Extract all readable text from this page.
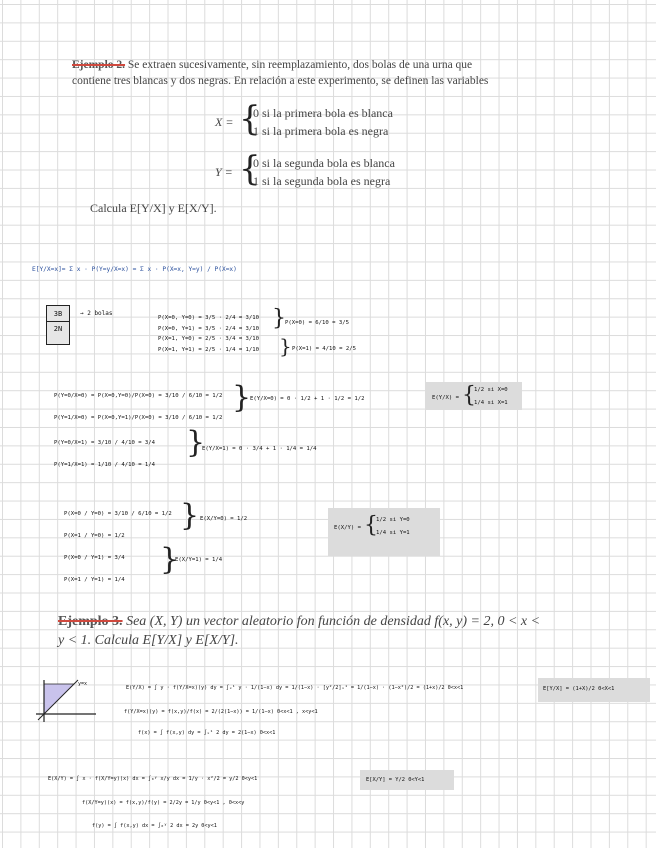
Ejemplo 2. Se extraen sucesivamente, sin reemplazamiento, dos bolas de una urna que
contiene tres blancas y dos negras. En relación a este experimento, se definen las variables
X = {
0 si la primera bola es blanca
1 si la primera bola es negra
Y = {
0 si la segunda bola es blanca
1 si la segunda bola es negra
Calcula E[Y/X] y E[X/Y].
E[Y/X=x]= Σ x · P(Y=y/X=x) = Σ x · P(X=x, Y=y) / P(X=x)
3B
2N
→ 2 bolas
P(X=0, Y=0) = 3/5 · 2/4 = 3/10
P(X=0, Y=1) = 3/5 · 2/4 = 3/10
P(X=1, Y=0) = 2/5 · 3/4 = 3/10
P(X=1, Y=1) = 2/5 · 1/4 = 1/10
} P(X=0) = 6/10 = 3/5
} P(X=1) = 4/10 = 2/5
P(Y=0/X=0) = P(X=0,Y=0)/P(X=0) = 3/10 / 6/10 = 1/2
P(Y=1/X=0) = P(X=0,Y=1)/P(X=0) = 3/10 / 6/10 = 1/2
}
E(Y/X=0) = 0 · 1/2 + 1 · 1/2 = 1/2
P(Y=0/X=1) = 3/10 / 4/10 = 3/4
P(Y=1/X=1) = 1/10 / 4/10 = 1/4
}
E(Y/X=1) = 0 · 3/4 + 1 · 1/4 = 1/4
E(Y/X) = {
1/2 si X=0
1/4 si X=1
P(X=0 / Y=0) = 3/10 / 6/10 = 1/2
P(X=1 / Y=0) = 1/2
} E(X/Y=0) = 1/2
P(X=0 / Y=1) = 3/4
P(X=1 / Y=1) = 1/4
}
E(X/Y=1) = 1/4
E(X/Y) = {
1/2 si Y=0
1/4 si Y=1
Ejemplo 3. Sea (X, Y) un vector aleatorio fon función de densidad f(x, y) = 2, 0 < x <
y < 1. Calcula E[Y/X] y E[X/Y].
y=x
E(Y/X) = ∫ y · f(Y/X=x)(y) dy = ∫ₓ¹ y · 1/(1−x) dy = 1/(1−x) · [y²/2]ₓ¹ = 1/(1−x) · (1−x²)/2 = (1+x)/2 0<x<1	E[Y/X] = (1+X)/2 0<X<1
f(Y/X=x)(y) = f(x,y)/f(x) = 2/(2(1−x)) = 1/(1−x) 0<x<1 , x<y<1
f(x) = ∫ f(x,y) dy = ∫ₓ¹ 2 dy = 2(1−x) 0<x<1
E(X/Y) = ∫ x · f(X/Y=y)(x) dx = ∫₀ʸ x/y dx = 1/y · x²/2 = y/2 0<y<1	E[X/Y] = Y/2 0<Y<1
f(X/Y=y)(x) = f(x,y)/f(y) = 2/2y = 1/y 0<y<1 , 0<x<y
f(y) = ∫ f(x,y) dx = ∫₀ʸ 2 dx = 2y 0<y<1
